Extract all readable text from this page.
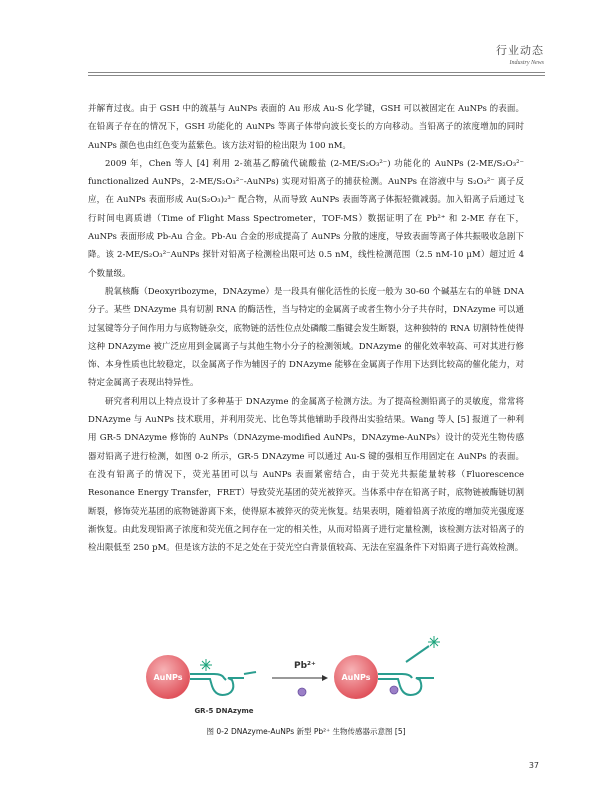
行业动态
Industry News

并解育过夜。由于 GSH 中的巯基与 AuNPs 表面的 Au 形成 Au-S 化学键，GSH 可以被固定在 AuNPs 的表面。在铅离子存在的情况下，GSH 功能化的 AuNPs 等离子体带向波长变长的方向移动。当铅离子的浓度增加的同时 AuNPs 颜色也由红色变为蓝紫色。该方法对铅的检出限为 100 nM。

2009 年，Chen 等人 [4] 利用 2-巯基乙醇硫代硫酸盐 (2-ME/S₂O₃²⁻) 功能化的 AuNPs (2-ME/S₂O₃²⁻ functionalized AuNPs，2-ME/S₂O₃²⁻-AuNPs) 实现对铅离子的捕获检测。AuNPs 在溶液中与 S₂O₃²⁻ 离子反应，在 AuNPs 表面形成 Au(S₂O₃)₂³⁻ 配合物，从而导致 AuNPs 表面等离子体振轻微减弱。加入铅离子后通过飞行时间电离质谱（Time of Flight Mass Spectrometer，TOF-MS）数据证明了在 Pb²⁺ 和 2-ME 存在下，AuNPs 表面形成 Pb-Au 合金。Pb-Au 合金的形成提高了 AuNPs 分散的速度，导致表面等离子体共振吸收急剧下降。该 2-ME/S₂O₃²⁻AuNPs 探针对铅离子检测检出限可达 0.5 nM，线性检测范围（2.5 nM-10 μM）超过近 4 个数量级。

脱氧核酶（Deoxyribozyme，DNAzyme）是一段具有催化活性的长度一般为 30-60 个碱基左右的单链 DNA 分子。某些 DNAzyme 具有切割 RNA 的酶活性，当与特定的金属离子或者生物小分子共存时，DNAzyme 可以通过氢键等分子间作用力与底物链杂交，底物链的活性位点处磷酸二酯键会发生断裂，这种独特的 RNA 切割特性使得这种 DNAzyme 被广泛应用到金属离子与其他生物小分子的检测领域。DNAzyme 的催化效率较高、可对其进行修饰、本身性质也比较稳定，以金属离子作为辅因子的 DNAzyme 能够在金属离子作用下达到比较高的催化能力，对特定金属离子表现出特异性。

研究者利用以上特点设计了多种基于 DNAzyme 的金属离子检测方法。为了提高检测铅离子的灵敏度，常常将 DNAzyme 与 AuNPs 技术联用，并利用荧光、比色等其他辅助手段得出实验结果。Wang 等人 [5] 报道了一种利用 GR-5 DNAzyme 修饰的 AuNPs（DNAzyme-modified AuNPs，DNAzyme-AuNPs）设计的荧光生物传感器对铅离子进行检测，如图 0-2 所示，GR-5 DNAzyme 可以通过 Au-S 键的强相互作用固定在 AuNPs 的表面。在没有铅离子的情况下，荧光基团可以与 AuNPs 表面紧密结合，由于荧光共振能量转移（Fluorescence Resonance Energy Transfer，FRET）导致荧光基团的荧光被猝灭。当体系中存在铅离子时，底物链被酶链切割断裂，修饰荧光基团的底物链游离下来，使得原本被猝灭的荧光恢复。结果表明，随着铅离子浓度的增加荧光强度逐渐恢复。由此发现铅离子浓度和荧光值之间存在一定的相关性，从而对铅离子进行定量检测，该检测方法对铅离子的检出限低至 250 pM。但是该方法的不足之处在于荧光空白背景值较高、无法在室温条件下对铅离子进行高效检测。

AuNPs
GR-5 DNAzyme
Pb²⁺
AuNPs
图 0-2 DNAzyme-AuNPs 新型 Pb²⁺ 生物传感器示意图 [5]
37
